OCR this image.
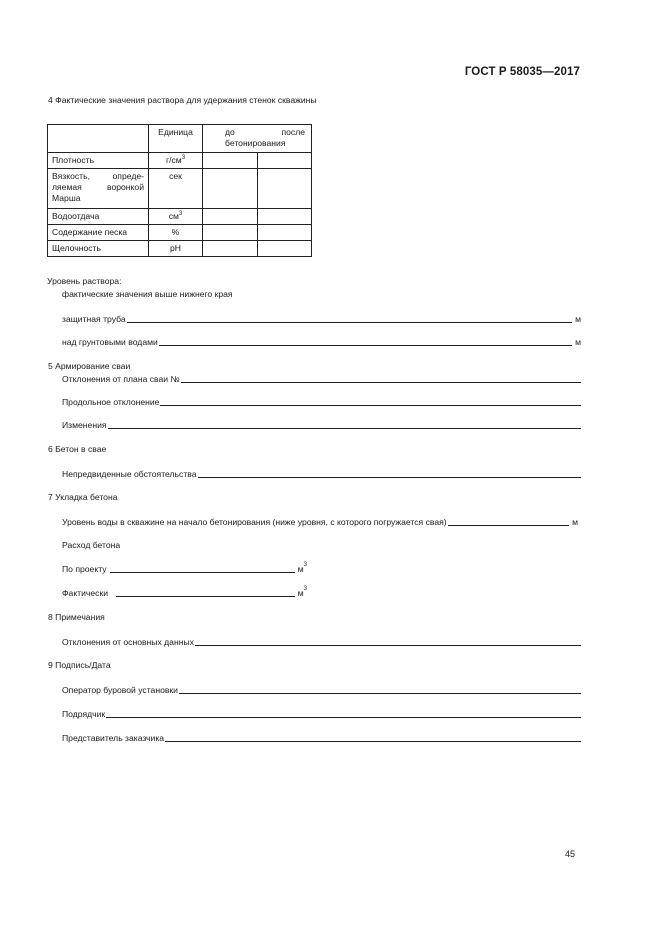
ГОСТ Р 58035—2017
4 Фактические значения раствора для удержания стенок скважины
	Единица	до после
бетонирования	

Плотность	$г/см^3$		

Вязкость, опреде-
ляемая воронкой
Марша	сек		
Водоотдача	$см^3$		
Содержание песка	%		
Щелочность	pH		
Уровень раствора:
фактические значения выше нижнего края
защитная труба	м
над грунтовыми водами	м
5 Армирование сваи
Отклонения от плана сваи №
Продольное отклонение
Изменения
6 Бетон в свае
Непредвиденные обстоятельства
7 Укладка бетона
Уровень воды в скважине на начало бетонирования (ниже уровня, с которого погружается свая)	м
Расход бетона
По проекту	$м^3$
Фактически	$м^3$
8 Примечания
Отклонения от основных данных
9 Подпись/Дата
Оператор буровой установки
Подрядчик
Представитель заказчика
45
